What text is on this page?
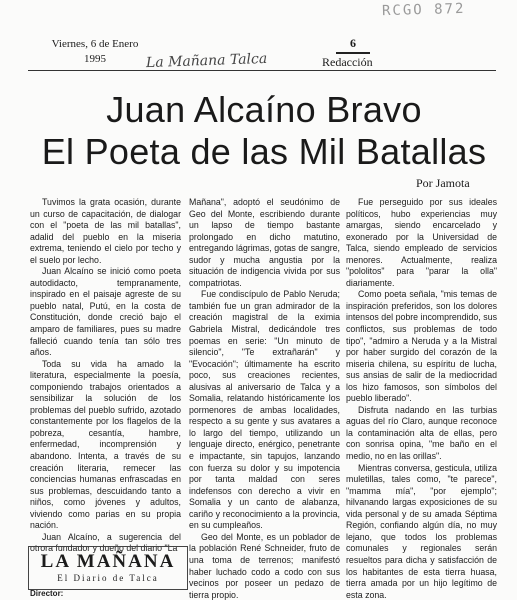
RCGO 872
Viernes, 6 de Enero
1995	La Mañana Talca
6
Redacción
Juan Alcaíno Bravo
El Poeta de las Mil Batallas
Por Jamota

Tuvimos la grata ocasión, durante un curso de capacitación, de dialogar con el "poeta de las mil batallas", adalid del pueblo en la miseria extrema, teniendo el cielo por techo y el suelo por lecho.

Juan Alcaíno se inició como poeta autodidacto, tempranamente, inspirado en el paisaje agreste de su pueblo natal, Putú, en la costa de Constitución, donde creció bajo el amparo de familiares, pues su madre falleció cuando tenía tan sólo tres años.

Toda su vida ha amado la literatura, especialmente la poesía, componiendo trabajos orientados a sensibilizar la solución de los problemas del pueblo sufrido, azotado constantemente por los flagelos de la pobreza, cesantía, hambre, enfermedad, incomprensión y abandono. Intenta, a través de su creación literaria, remecer las conciencias humanas enfrascadas en sus problemas, descuidando tanto a niños, como jóvenes y adultos, viviendo como parias en su propia nación.

Juan Alcaíno, a sugerencia del otrora fundador y dueño del diario "La

Mañana", adoptó el seudónimo de Geo del Monte, escribiendo durante un lapso de tiempo bastante prolongado en dicho matutino, entregando lágrimas, gotas de sangre, sudor y mucha angustia por la situación de indigencia vivida por sus compatriotas.

Fue condiscípulo de Pablo Neruda; también fue un gran admirador de la creación magistral de la eximia Gabriela Mistral, dedicándole tres poemas en serie: "Un minuto de silencio", "Te extrañarán" y "Evocación"; últimamente ha escrito poco, sus creaciones recientes, alusivas al aniversario de Talca y a Somalia, relatando históricamente los pormenores de ambas localidades, respecto a su gente y sus avatares a lo largo del tiempo, utilizando un lenguaje directo, enérgico, penetrante e impactante, sin tapujos, lanzando con fuerza su dolor y su impotencia por tanta maldad con seres indefensos con derecho a vivir en Somalia y un canto de alabanza, cariño y reconocimiento a la provincia, en su cumpleaños.

Geo del Monte, es un poblador de la población René Schneider, fruto de una toma de terrenos; manifestó haber luchado codo a codo con sus vecinos por poseer un pedazo de tierra propio.

Fue perseguido por sus ideales políticos, hubo experiencias muy amargas, siendo encarcelado y exonerado por la Universidad de Talca, siendo empleado de servicios menores. Actualmente, realiza "pololitos" para "parar la olla" diariamente.

Como poeta señala, "mis temas de inspiración preferidos, son los dolores intensos del pobre incomprendido, sus conflictos, sus problemas de todo tipo", "admiro a Neruda y a la Mistral por haber surgido del corazón de la miseria chilena, su espíritu de lucha, sus ansias de salir de la mediocridad los hizo famosos, son símbolos del pueblo liberado".

Disfruta nadando en las turbias aguas del río Claro, aunque reconoce la contaminación alta de ellas, pero con sonrisa opina, "me baño en el medio, no en las orillas".

Mientras conversa, gesticula, utiliza muletillas, tales como, "te parece", "mamma mía", "por ejemplo"; hilvanando largas exposiciones de su vida personal y de su amada Séptima Región, confiando algún día, no muy lejano, que todos los problemas comunales y regionales serán resueltos para dicha y satisfacción de los habitantes de esta tierra huasa, tierra amada por un hijo legítimo de esta zona.

LA MAÑANA
El Diario de Talca
Director:
